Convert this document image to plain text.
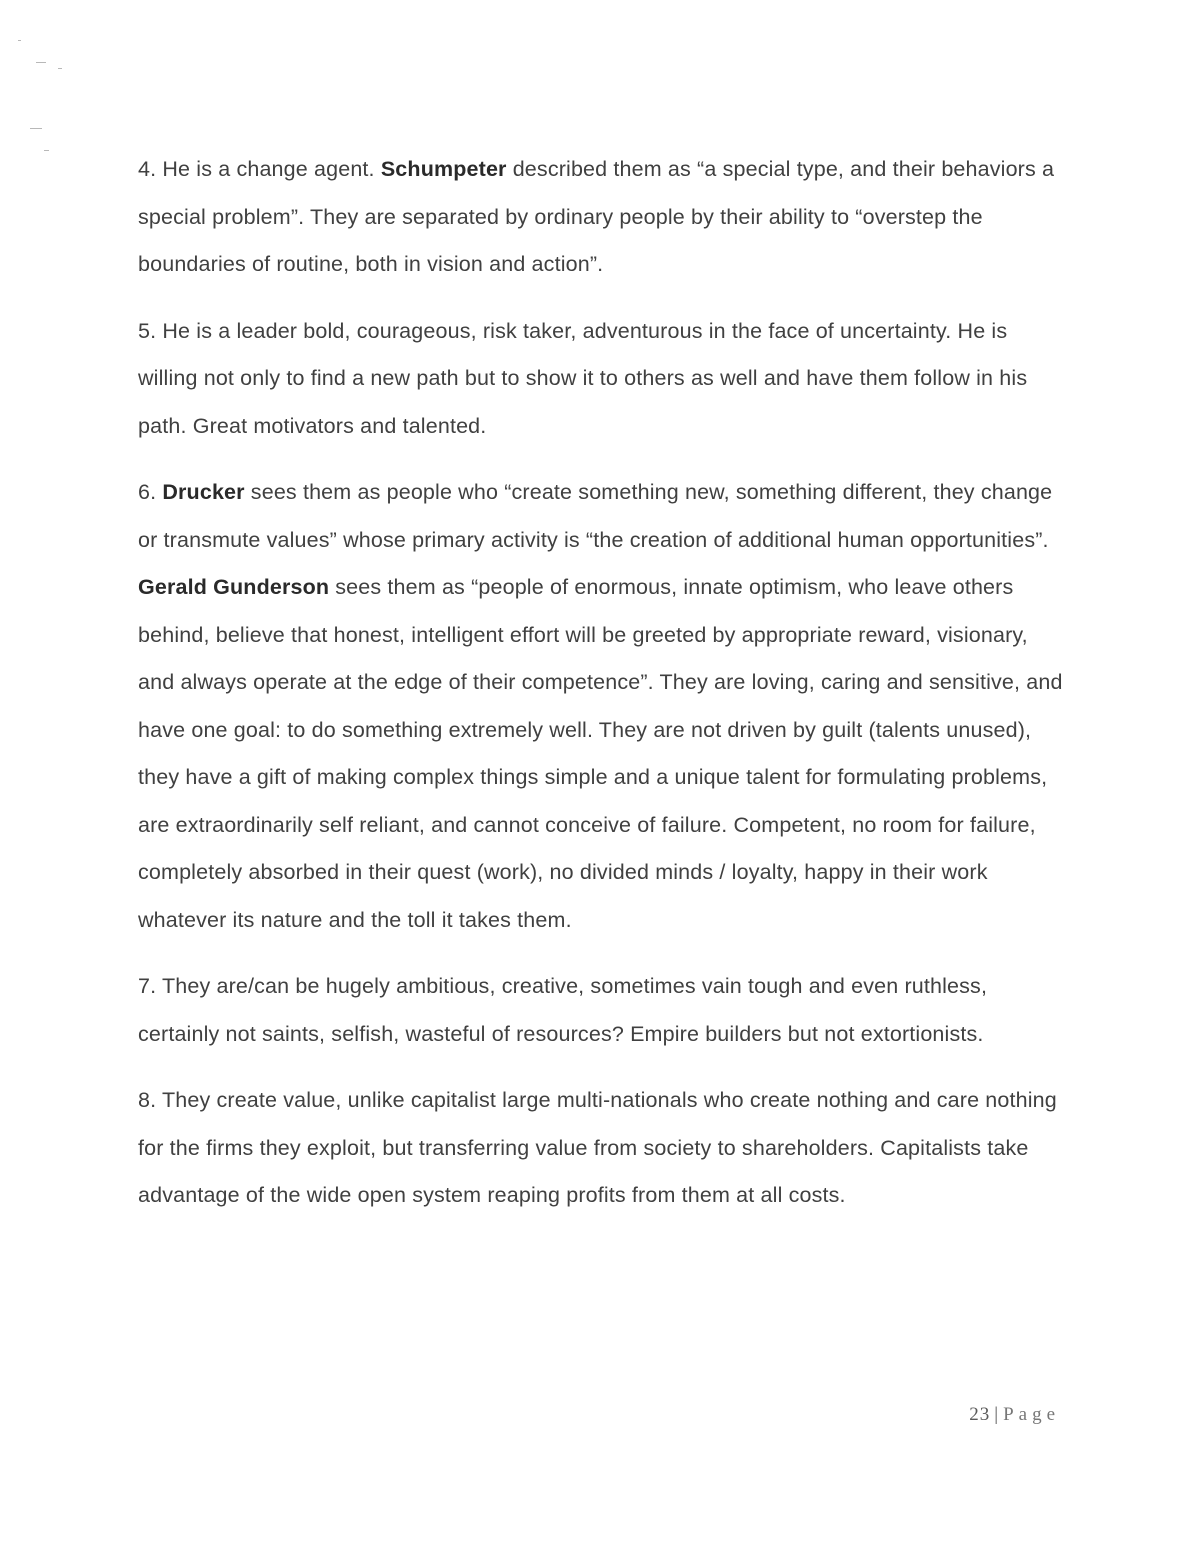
4. He is a change agent. Schumpeter described them as “a special type, and their behaviors a special problem”. They are separated by ordinary people by their ability to “overstep the boundaries of routine, both in vision and action”.

5. He is a leader bold, courageous, risk taker, adventurous in the face of uncertainty. He is willing not only to find a new path but to show it to others as well and have them follow in his path. Great motivators and talented.

6. Drucker sees them as people who “create something new, something different, they change or transmute values” whose primary activity is “the creation of additional human opportunities”. Gerald Gunderson sees them as “people of enormous, innate optimism, who leave others behind, believe that honest, intelligent effort will be greeted by appropriate reward, visionary, and always operate at the edge of their competence”. They are loving, caring and sensitive, and have one goal: to do something extremely well. They are not driven by guilt (talents unused), they have a gift of making complex things simple and a unique talent for formulating problems, are extraordinarily self reliant, and cannot conceive of failure. Competent, no room for failure, completely absorbed in their quest (work), no divided minds / loyalty, happy in their work whatever its nature and the toll it takes them.

7. They are/can be hugely ambitious, creative, sometimes vain tough and even ruthless, certainly not saints, selfish, wasteful of resources? Empire builders but not extortionists.

8. They create value, unlike capitalist large multi-nationals who create nothing and care nothing for the firms they exploit, but transferring value from society to shareholders. Capitalists take advantage of the wide open system reaping profits from them at all costs.

23 | Page
